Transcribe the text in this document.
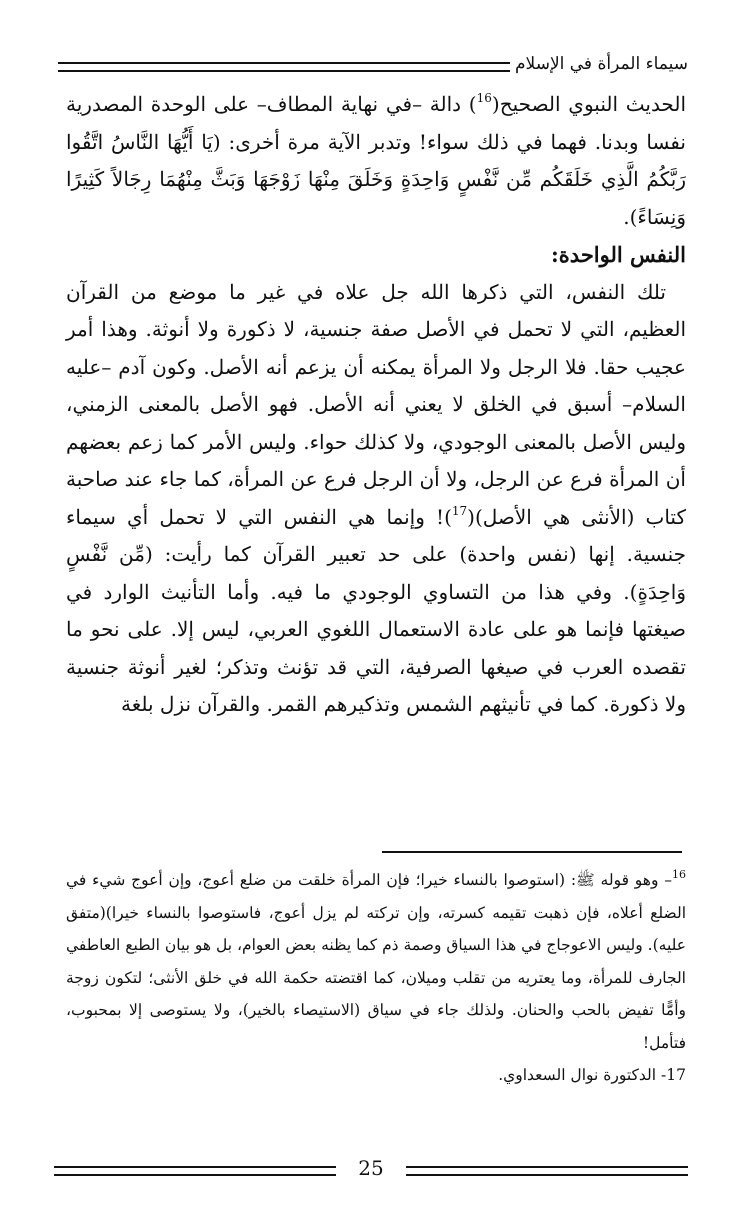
سيماء المرأة في الإسلام

الحديث النبوي الصحيح($^{16}$) دالة –في نهاية المطاف– على الوحدة المصدرية نفسا وبدنا. فهما في ذلك سواء! وتدبر الآية مرة أخرى: (يَا أَيُّهَا النَّاسُ اتَّقُوا رَبَّكُمُ الَّذِي خَلَقَكُم مِّن نَّفْسٍ وَاحِدَةٍ وَخَلَقَ مِنْهَا زَوْجَهَا وَبَثَّ مِنْهُمَا رِجَالاً كَثِيرًا وَنِسَاءً).

النفس الواحدة:

 تلك النفس، التي ذكرها الله جل علاه في غير ما موضع من القرآن العظيم، التي لا تحمل في الأصل صفة جنسية، لا ذكورة ولا أنوثة. وهذا أمر عجيب حقا. فلا الرجل ولا المرأة يمكنه أن يزعم أنه الأصل. وكون آدم –عليه السلام– أسبق في الخلق لا يعني أنه الأصل. فهو الأصل بالمعنى الزمني، وليس الأصل بالمعنى الوجودي، ولا كذلك حواء. وليس الأمر كما زعم بعضهم أن المرأة فرع عن الرجل، ولا أن الرجل فرع عن المرأة، كما جاء عند صاحبة كتاب (الأنثى هي الأصل)($^{17}$)! وإنما هي النفس التي لا تحمل أي سيماء جنسية. إنها (نفس واحدة) على حد تعبير القرآن كما رأيت: (مِّن نَّفْسٍ وَاحِدَةٍ). وفي هذا من التساوي الوجودي ما فيه. وأما التأنيث الوارد في صيغتها فإنما هو على عادة الاستعمال اللغوي العربي، ليس إلا. على نحو ما تقصده العرب في صيغها الصرفية، التي قد تؤنث وتذكر؛ لغير أنوثة جنسية ولا ذكورة. كما في تأنيثهم الشمس وتذكيرهم القمر. والقرآن نزل بلغة

$^{16}$– وهو قوله ﷺ: (استوصوا بالنساء خيرا؛ فإن المرأة خلقت من ضلع أعوج، وإن أعوج شيء في الضلع أعلاه، فإن ذهبت تقيمه كسرته، وإن تركته لم يزل أعوج، فاستوصوا بالنساء خيرا)(متفق عليه). وليس الاعوجاج في هذا السياق وصمة ذم كما يظنه بعض العوام، بل هو بيان الطبع العاطفي الجارف للمرأة، وما يعتريه من تقلب وميلان، كما اقتضته حكمة الله في خلق الأنثى؛ لتكون زوجة وأمًّا تفيض بالحب والحنان. ولذلك جاء في سياق (الاستيصاء بالخير)، ولا يستوصى إلا بمحبوب، فتأمل!

17- الدكتورة نوال السعداوي.

25
